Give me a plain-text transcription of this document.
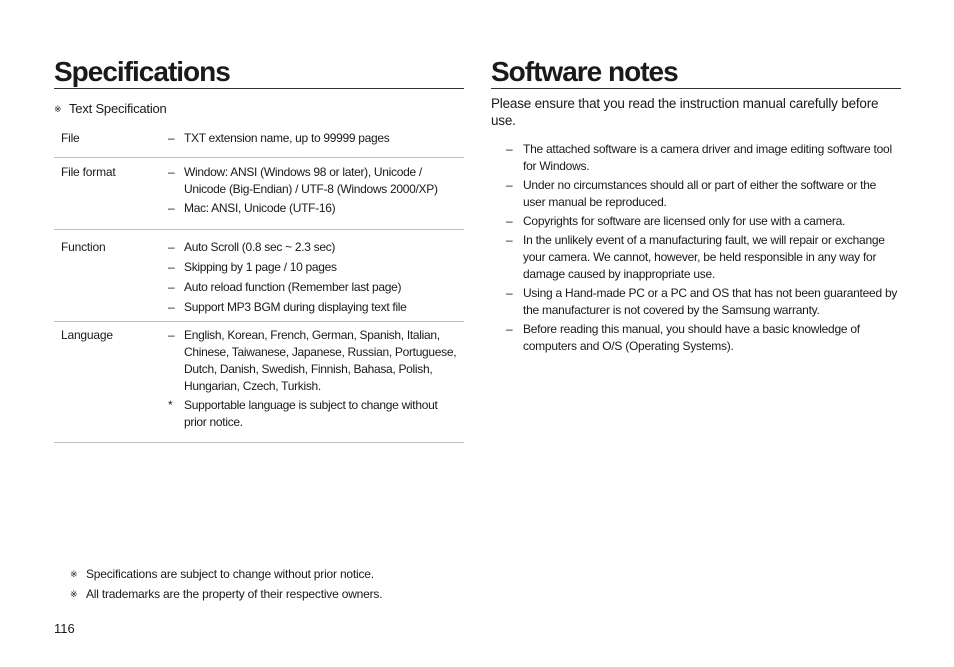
Specifications
※ Text Specification
File	– TXT extension name, up to 99999 pages
File format	– Window: ANSI (Windows 98 or later), Unicode / Unicode (Big-Endian) / UTF-8 (Windows 2000/XP)
– Mac: ANSI, Unicode (UTF-16)
Function	– Auto Scroll (0.8 sec ~ 2.3 sec)
– Skipping by 1 page / 10 pages
– Auto reload function (Remember last page)
– Support MP3 BGM during displaying text file
Language	– English, Korean, French, German, Spanish, Italian, Chinese, Taiwanese, Japanese, Russian, Portuguese, Dutch, Danish, Swedish, Finnish, Bahasa, Polish, Hungarian, Czech, Turkish.
* Supportable language is subject to change without prior notice.
Software notes
Please ensure that you read the instruction manual carefully before use.
– The attached software is a camera driver and image editing software tool for Windows.
– Under no circumstances should all or part of either the software or the user manual be reproduced.
– Copyrights for software are licensed only for use with a camera.
– In the unlikely event of a manufacturing fault, we will repair or exchange your camera. We cannot, however, be held responsible in any way for damage caused by inappropriate use.
– Using a Hand-made PC or a PC and OS that has not been guaranteed by the manufacturer is not covered by the Samsung warranty.
– Before reading this manual, you should have a basic knowledge of computers and O/S (Operating Systems).
※ Specifications are subject to change without prior notice.
※ All trademarks are the property of their respective owners.
116
